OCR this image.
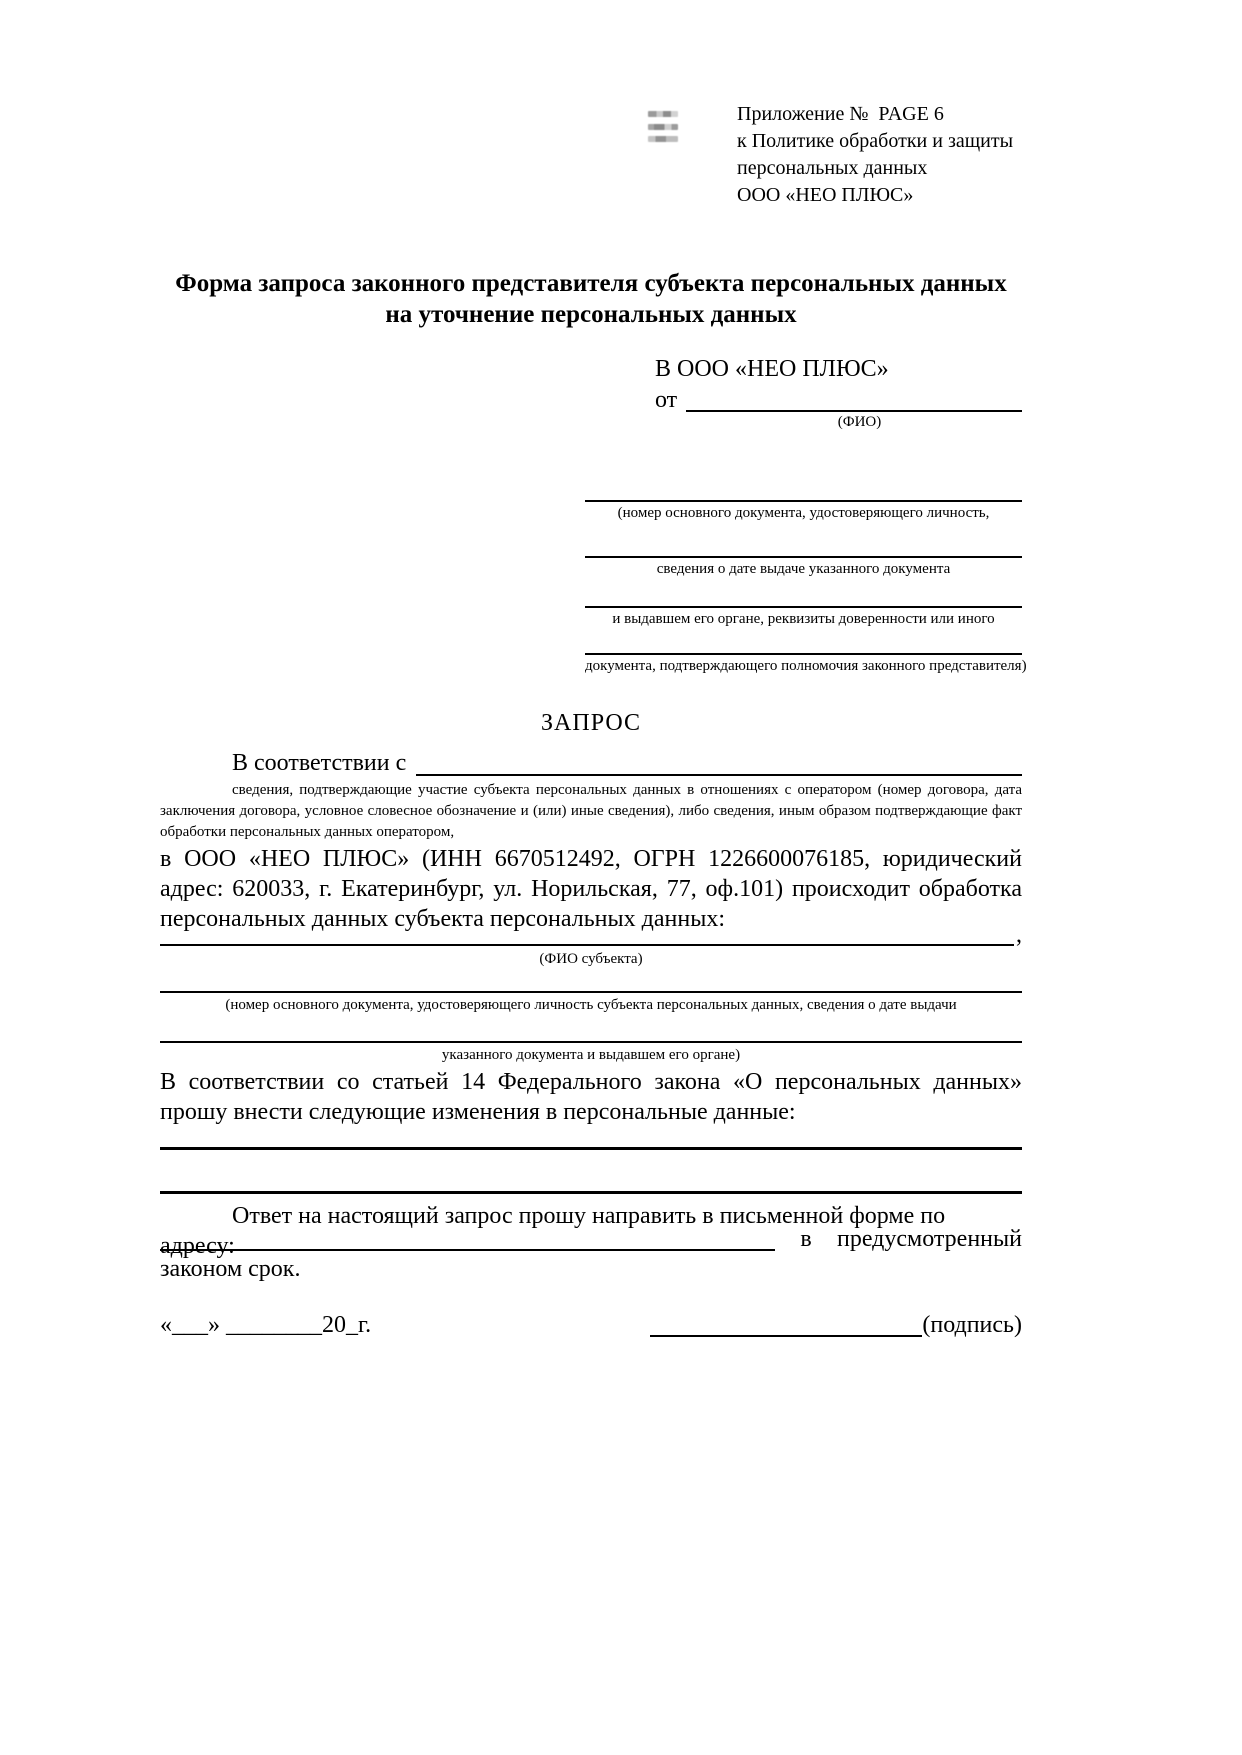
Приложение №  PAGE 6
к Политике обработки и защиты
персональных данных
ООО «НЕО ПЛЮС»
Форма запроса законного представителя субъекта персональных данных
на уточнение персональных данных
В ООО «НЕО ПЛЮС»
от
(ФИО)
(номер основного документа, удостоверяющего личность,
сведения о дате выдаче указанного документа
и выдавшем его органе, реквизиты доверенности или иного
документа, подтверждающего полномочия законного представителя)
ЗАПРОС
В соответствии с
сведения, подтверждающие участие субъекта персональных данных в отношениях с оператором (номер договора, дата заключения договора, условное словесное обозначение и (или) иные сведения), либо сведения, иным образом подтверждающие факт обработки персональных данных оператором,
в ООО «НЕО ПЛЮС» (ИНН 6670512492, ОГРН 1226600076185, юридический адрес: 620033, г. Екатеринбург, ул. Норильская, 77, оф.101) происходит обработка персональных данных субъекта персональных данных:
,
(ФИО субъекта)
(номер основного документа, удостоверяющего личность субъекта персональных данных, сведения о дате выдачи
указанного документа и выдавшем его органе)
В соответствии со статьей 14 Федерального закона «О персональных данных» прошу внести следующие изменения в персональные данные:
Ответ на настоящий запрос прошу направить в письменной форме по адресу:	в предусмотренный
законом срок.
«___» ________20_г.	(подпись)
